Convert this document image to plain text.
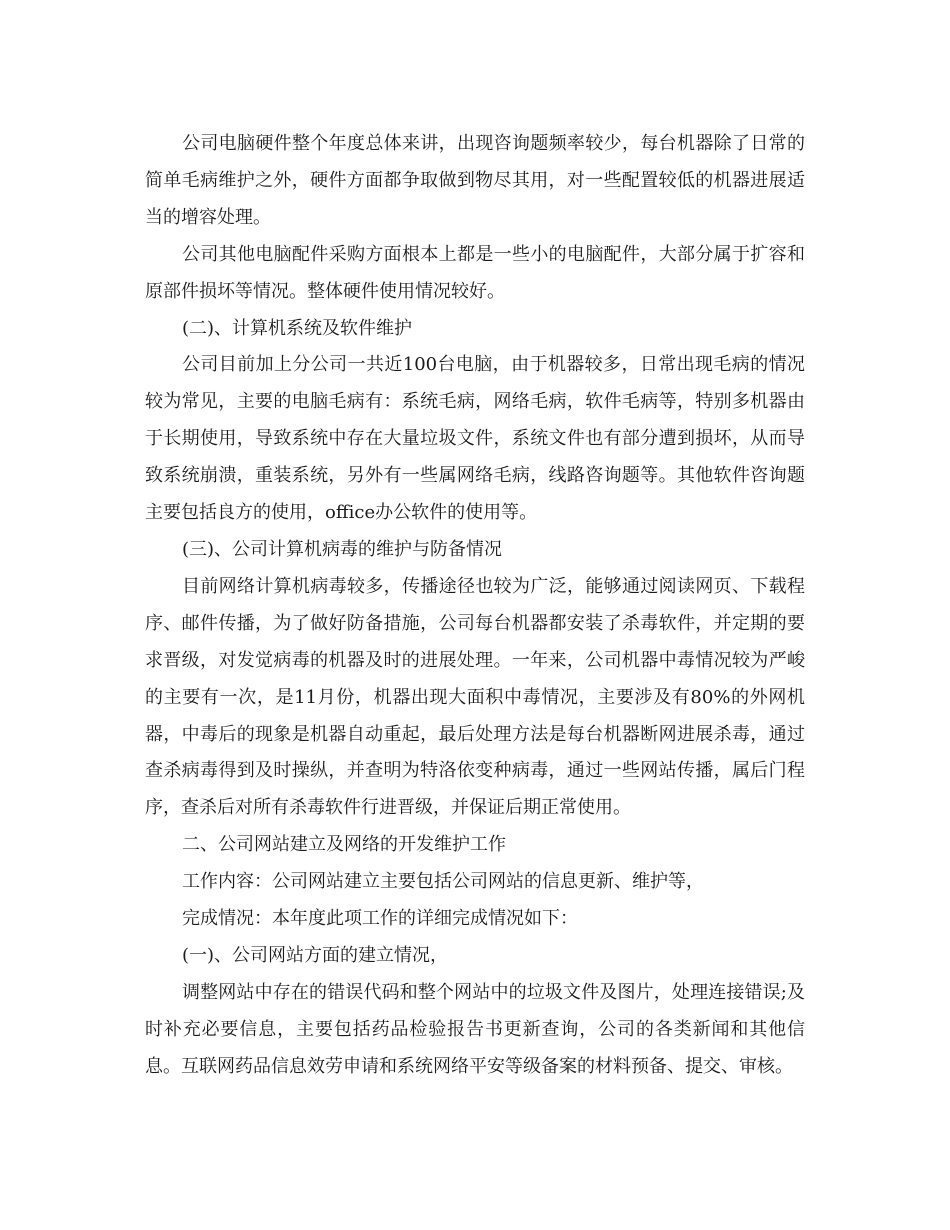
公司电脑硬件整个年度总体来讲，出现咨询题频率较少，每台机器除了日常的简单毛病维护之外，硬件方面都争取做到物尽其用，对一些配置较低的机器进展适当的增容处理。

公司其他电脑配件采购方面根本上都是一些小的电脑配件，大部分属于扩容和原部件损坏等情况。整体硬件使用情况较好。

(二)、计算机系统及软件维护

公司目前加上分公司一共近100台电脑，由于机器较多，日常出现毛病的情况较为常见，主要的电脑毛病有：系统毛病，网络毛病，软件毛病等，特别多机器由于长期使用，导致系统中存在大量垃圾文件，系统文件也有部分遭到损坏，从而导致系统崩溃，重装系统，另外有一些属网络毛病，线路咨询题等。其他软件咨询题主要包括良方的使用，office办公软件的使用等。

(三)、公司计算机病毒的维护与防备情况

目前网络计算机病毒较多，传播途径也较为广泛，能够通过阅读网页、下载程序、邮件传播，为了做好防备措施，公司每台机器都安装了杀毒软件，并定期的要求晋级，对发觉病毒的机器及时的进展处理。一年来，公司机器中毒情况较为严峻的主要有一次，是11月份，机器出现大面积中毒情况，主要涉及有80%的外网机器，中毒后的现象是机器自动重起，最后处理方法是每台机器断网进展杀毒，通过查杀病毒得到及时操纵，并查明为特洛依变种病毒，通过一些网站传播，属后门程序，查杀后对所有杀毒软件行进晋级，并保证后期正常使用。

二、公司网站建立及网络的开发维护工作

工作内容：公司网站建立主要包括公司网站的信息更新、维护等，

完成情况：本年度此项工作的详细完成情况如下：

(一)、公司网站方面的建立情况，

调整网站中存在的错误代码和整个网站中的垃圾文件及图片，处理连接错误;及时补充必要信息，主要包括药品检验报告书更新查询，公司的各类新闻和其他信息。互联网药品信息效劳申请和系统网络平安等级备案的材料预备、提交、审核。
